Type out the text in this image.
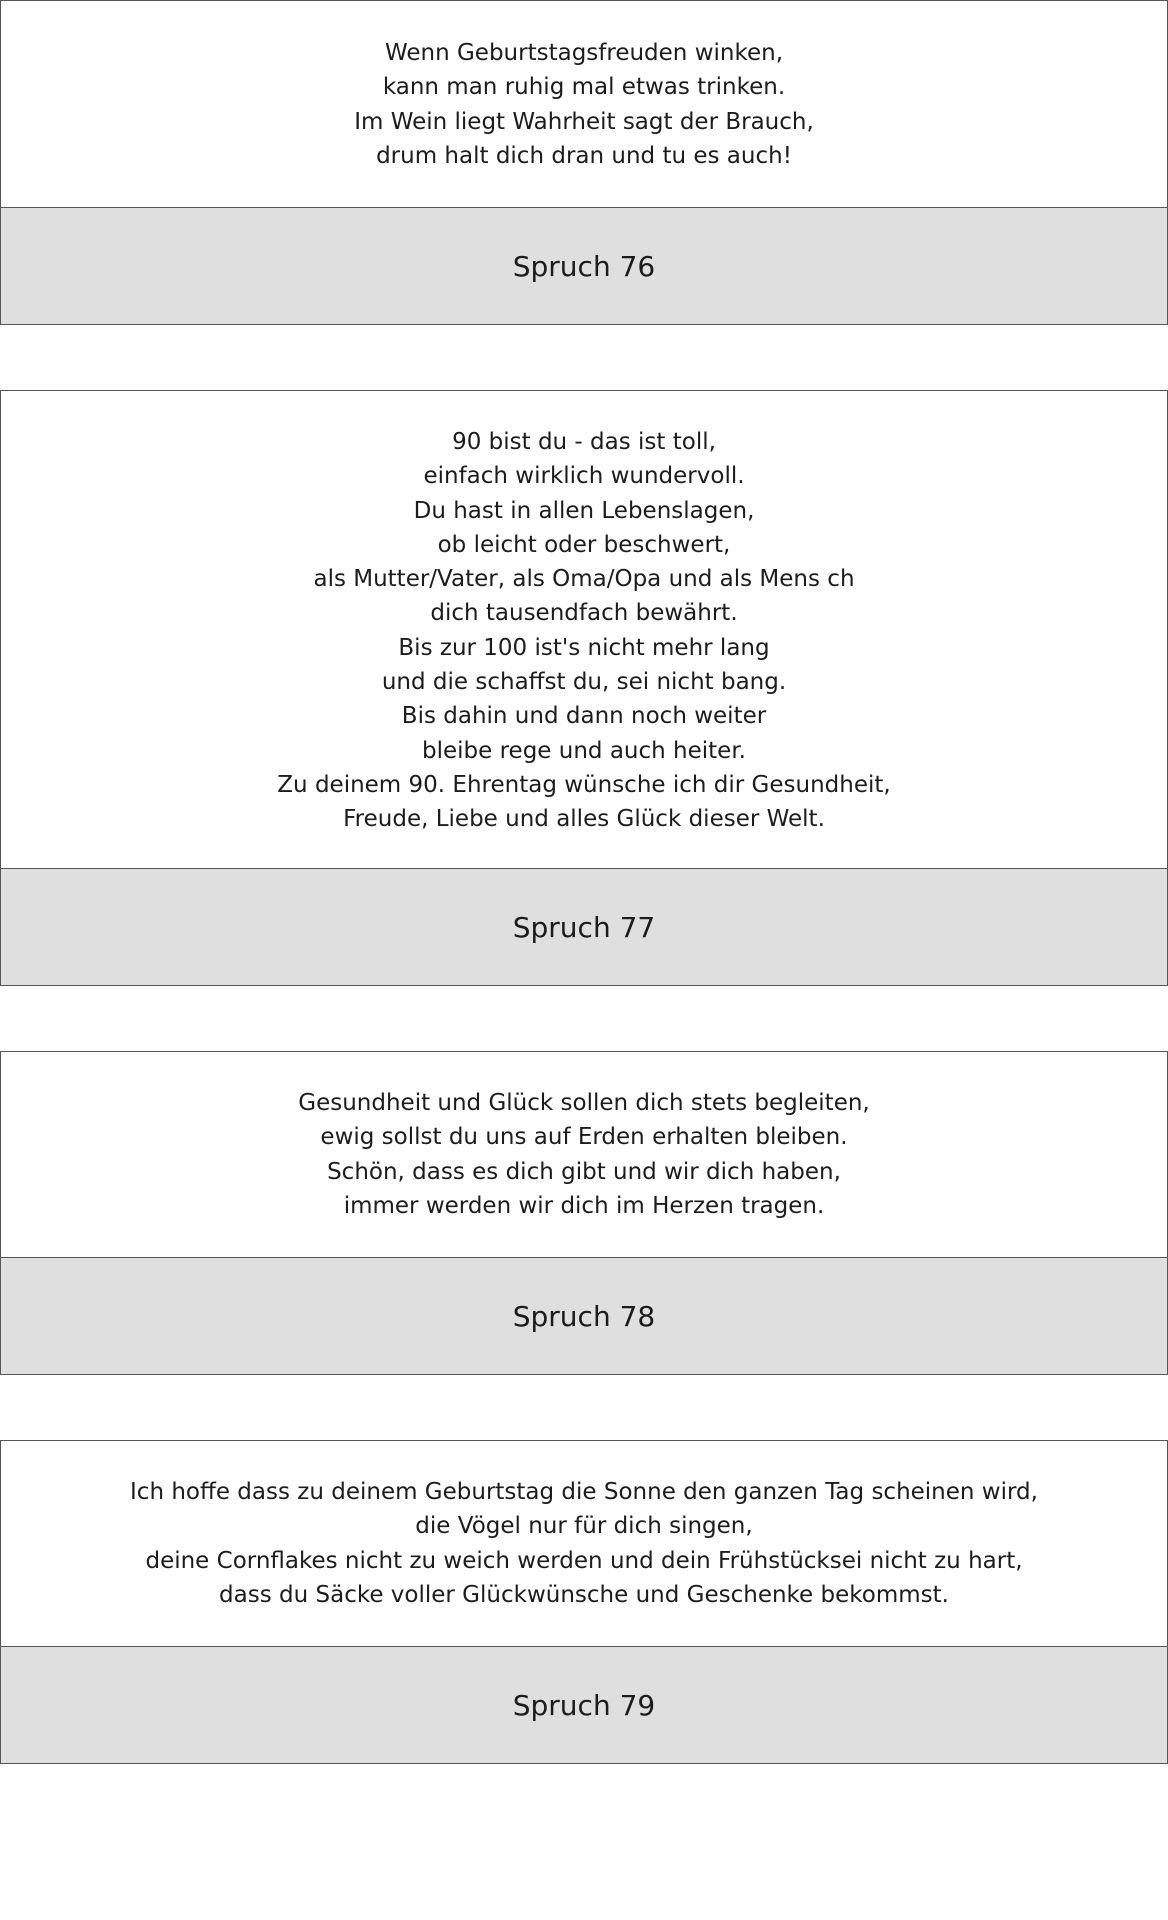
Wenn Geburtstagsfreuden winken,
kann man ruhig mal etwas trinken.
Im Wein liegt Wahrheit sagt der Brauch,
drum halt dich dran und tu es auch!
Spruch 76
90 bist du - das ist toll,
einfach wirklich wundervoll.
Du hast in allen Lebenslagen,
ob leicht oder beschwert,
als Mutter/Vater, als Oma/Opa und als Mens ch
dich tausendfach bewährt.
Bis zur 100 ist's nicht mehr lang
und die schaffst du, sei nicht bang.
Bis dahin und dann noch weiter
bleibe rege und auch heiter.
Zu deinem 90. Ehrentag wünsche ich dir Gesundheit,
Freude, Liebe und alles Glück dieser Welt.
Spruch 77
Gesundheit und Glück sollen dich stets begleiten,
ewig sollst du uns auf Erden erhalten bleiben.
Schön, dass es dich gibt und wir dich haben,
immer werden wir dich im Herzen tragen.
Spruch 78
Ich hoffe dass zu deinem Geburtstag die Sonne den ganzen Tag scheinen wird,
die Vögel nur für dich singen,
deine Cornflakes nicht zu weich werden und dein Frühstücksei nicht zu hart,
dass du Säcke voller Glückwünsche und Geschenke bekommst.
Spruch 79
